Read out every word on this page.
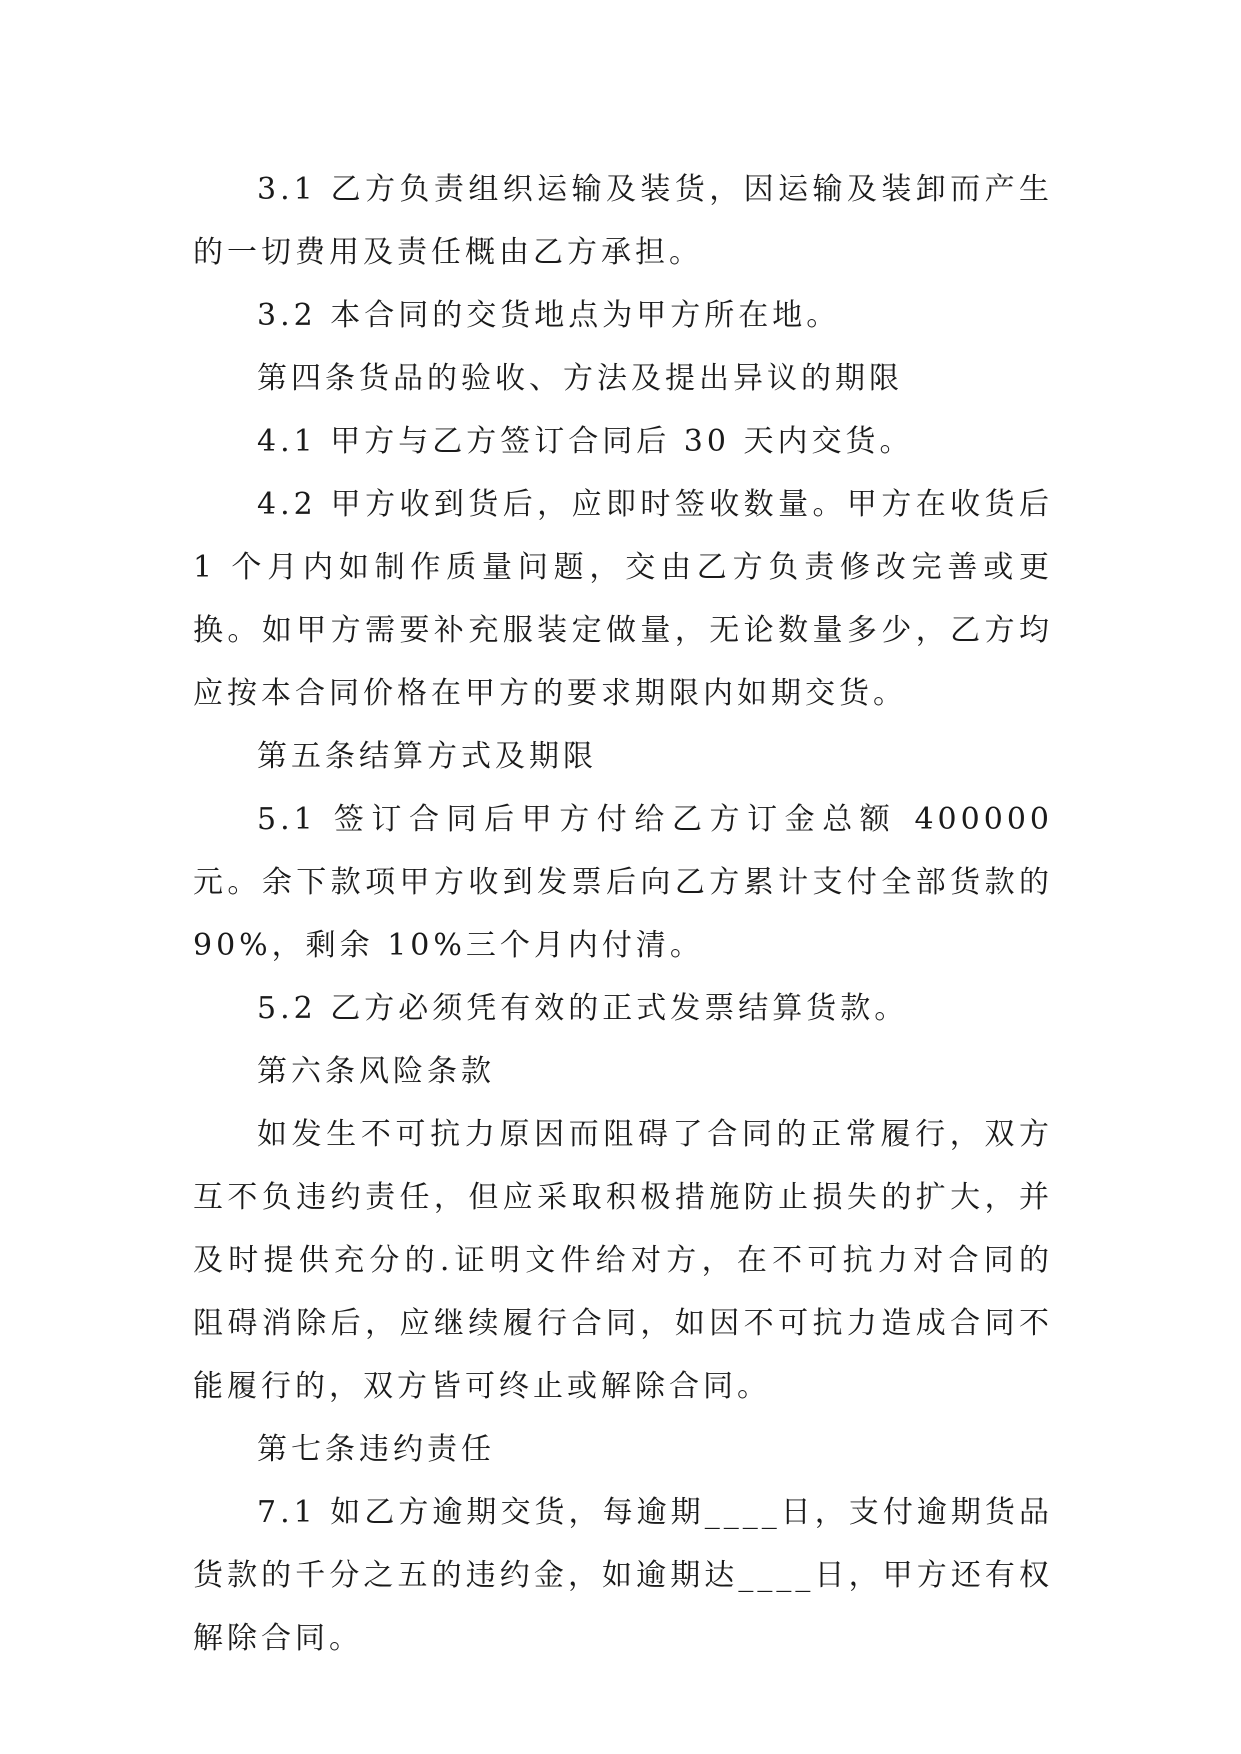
3.1 乙方负责组织运输及装货，因运输及装卸而产生的一切费用及责任概由乙方承担。

3.2 本合同的交货地点为甲方所在地。

第四条货品的验收、方法及提出异议的期限

4.1 甲方与乙方签订合同后 30 天内交货。

4.2 甲方收到货后，应即时签收数量。甲方在收货后 1 个月内如制作质量问题，交由乙方负责修改完善或更换。如甲方需要补充服装定做量，无论数量多少，乙方均应按本合同价格在甲方的要求期限内如期交货。

第五条结算方式及期限

5.1 签订合同后甲方付给乙方订金总额 400000 元。余下款项甲方收到发票后向乙方累计支付全部货款的 90%，剩余 10%三个月内付清。

5.2 乙方必须凭有效的正式发票结算货款。

第六条风险条款

如发生不可抗力原因而阻碍了合同的正常履行，双方互不负违约责任，但应采取积极措施防止损失的扩大，并及时提供充分的.证明文件给对方，在不可抗力对合同的阻碍消除后，应继续履行合同，如因不可抗力造成合同不能履行的，双方皆可终止或解除合同。

第七条违约责任

7.1 如乙方逾期交货，每逾期____日，支付逾期货品货款的千分之五的违约金，如逾期达____日，甲方还有权解除合同。
